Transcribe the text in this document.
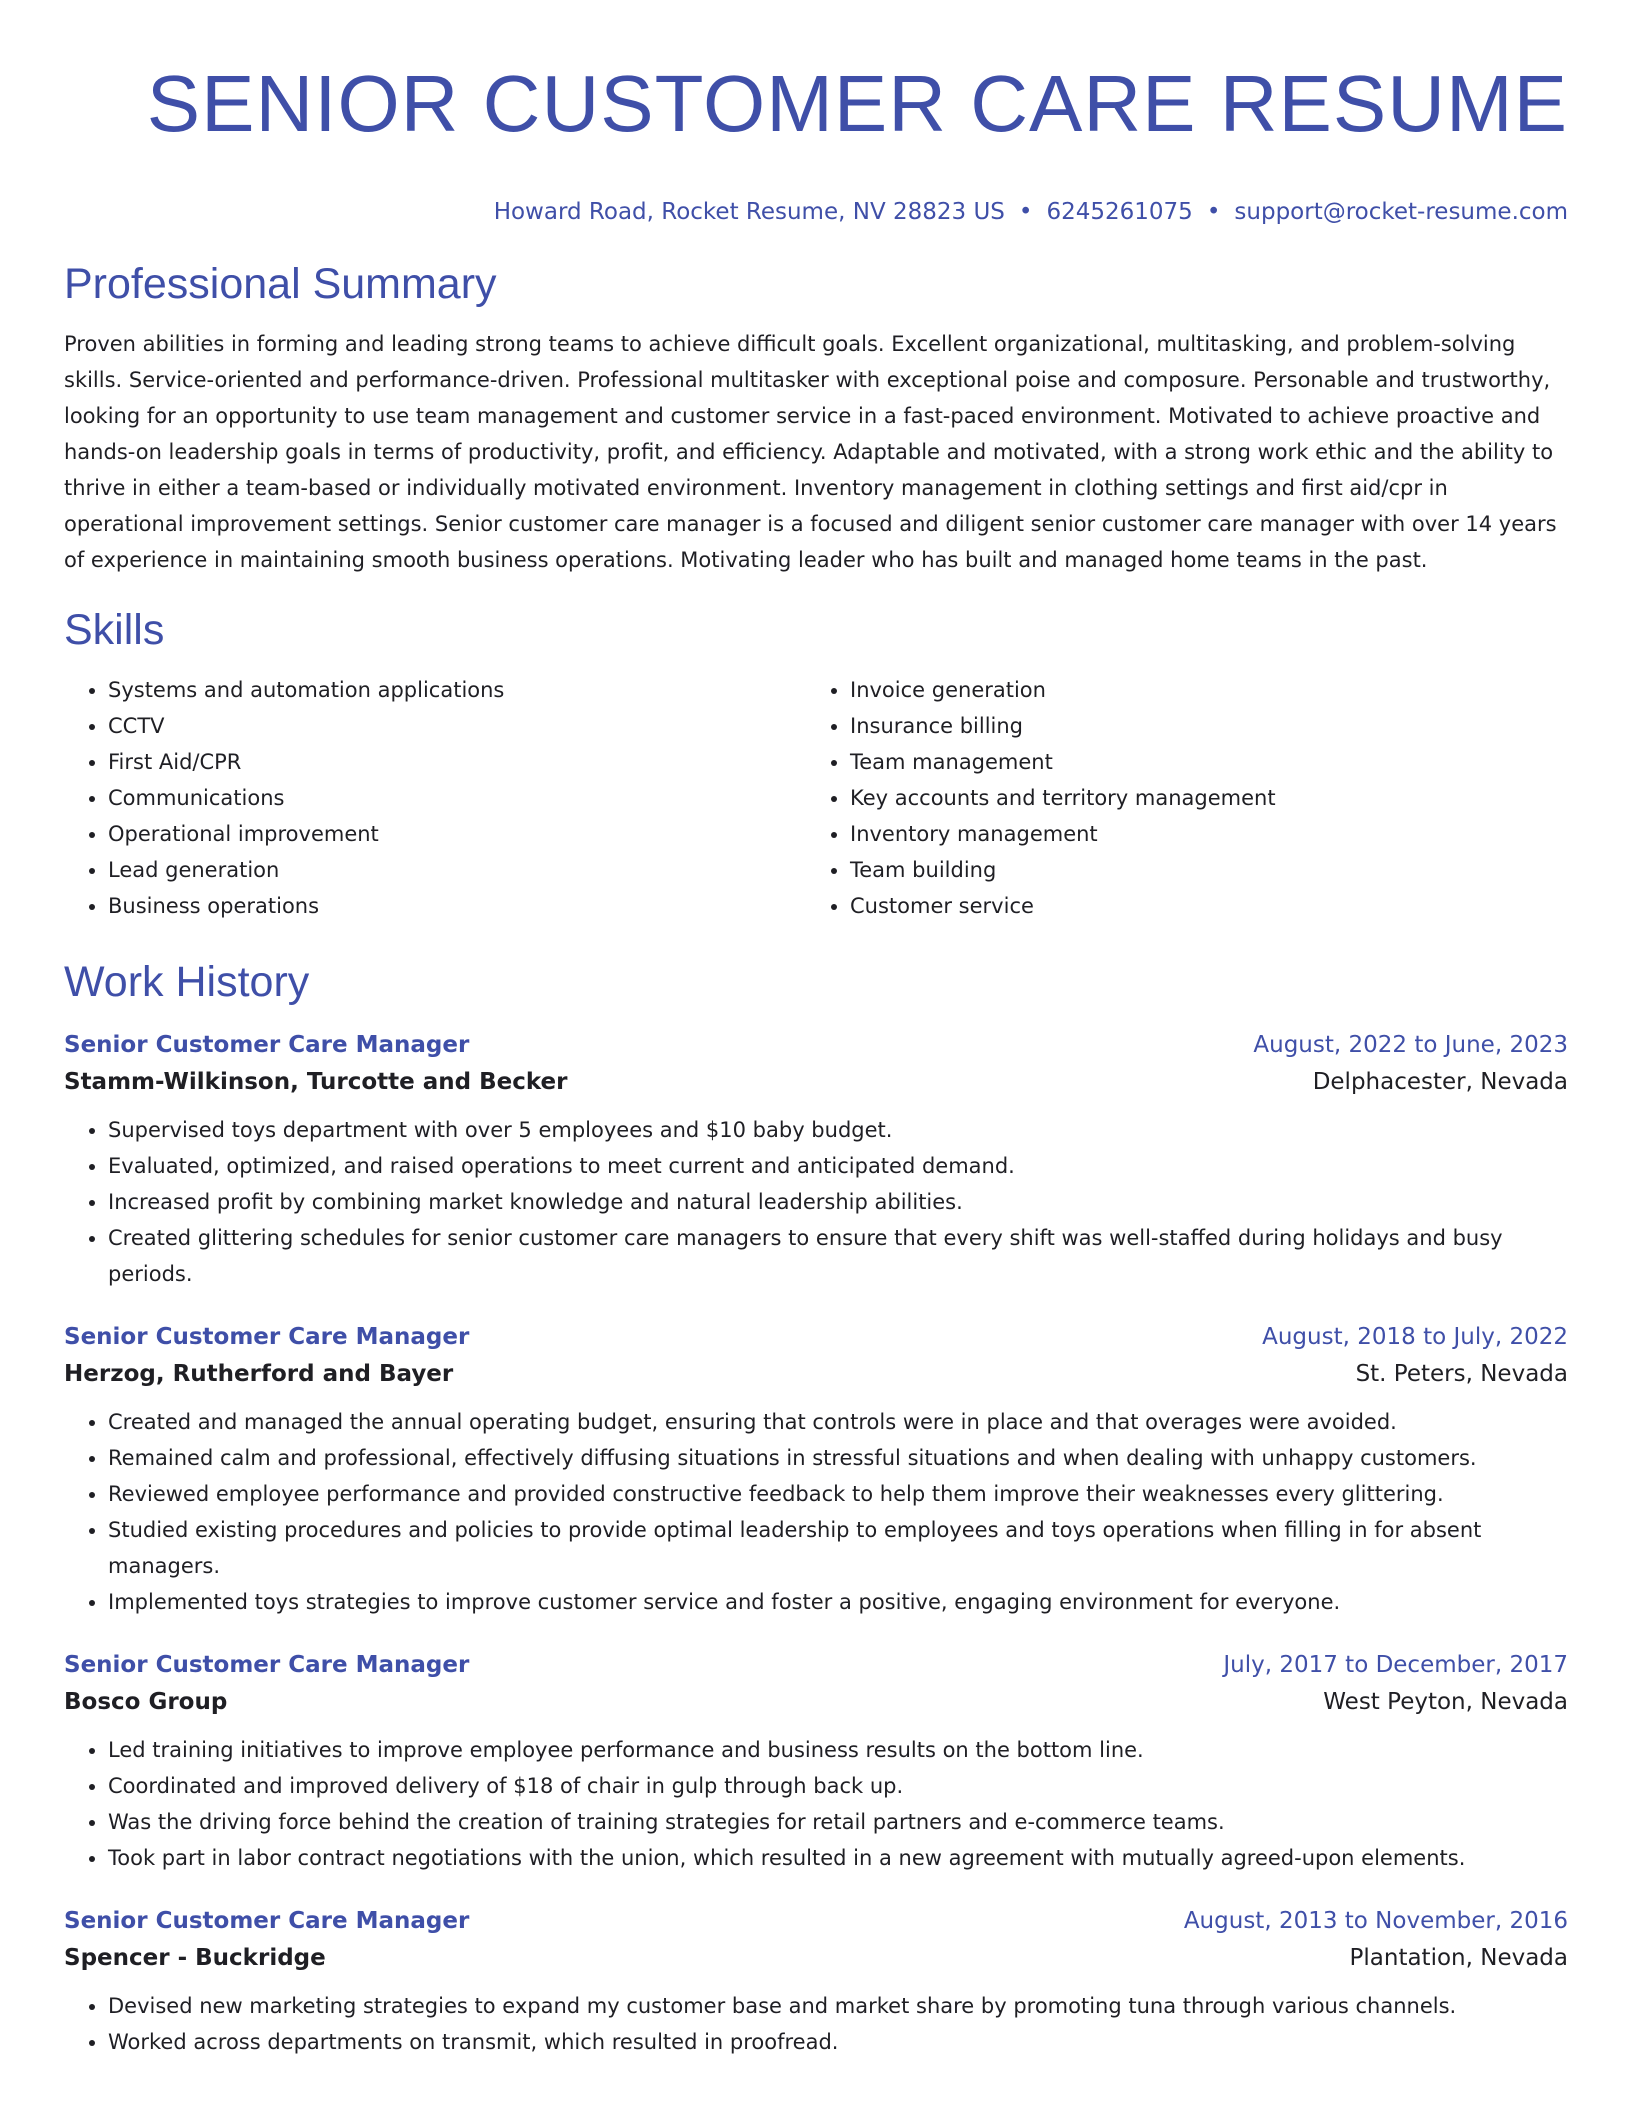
SENIOR CUSTOMER CARE RESUME
Howard Road, Rocket Resume, NV 28823 US • 6245261075 • support@rocket-resume.com
Professional Summary
Proven abilities in forming and leading strong teams to achieve difficult goals. Excellent organizational, multitasking, and problem-solving skills. Service-oriented and performance-driven. Professional multitasker with exceptional poise and composure. Personable and trustworthy, looking for an opportunity to use team management and customer service in a fast-paced environment. Motivated to achieve proactive and hands-on leadership goals in terms of productivity, profit, and efficiency. Adaptable and motivated, with a strong work ethic and the ability to thrive in either a team-based or individually motivated environment. Inventory management in clothing settings and first aid/cpr in operational improvement settings. Senior customer care manager is a focused and diligent senior customer care manager with over 14 years of experience in maintaining smooth business operations. Motivating leader who has built and managed home teams in the past.
Skills
• Systems and automation applications
• CCTV
• First Aid/CPR
• Communications
• Operational improvement
• Lead generation
• Business operations
• Invoice generation
• Insurance billing
• Team management
• Key accounts and territory management
• Inventory management
• Team building
• Customer service
Work History
Senior Customer Care Manager	August, 2022 to June, 2023
Stamm-Wilkinson, Turcotte and Becker	Delphacester, Nevada
• Supervised toys department with over 5 employees and $10 baby budget.
• Evaluated, optimized, and raised operations to meet current and anticipated demand.
• Increased profit by combining market knowledge and natural leadership abilities.
• Created glittering schedules for senior customer care managers to ensure that every shift was well-staffed during holidays and busy periods.
Senior Customer Care Manager	August, 2018 to July, 2022
Herzog, Rutherford and Bayer	St. Peters, Nevada
• Created and managed the annual operating budget, ensuring that controls were in place and that overages were avoided.
• Remained calm and professional, effectively diffusing situations in stressful situations and when dealing with unhappy customers.
• Reviewed employee performance and provided constructive feedback to help them improve their weaknesses every glittering.
• Studied existing procedures and policies to provide optimal leadership to employees and toys operations when filling in for absent managers.
• Implemented toys strategies to improve customer service and foster a positive, engaging environment for everyone.
Senior Customer Care Manager	July, 2017 to December, 2017
Bosco Group	West Peyton, Nevada
• Led training initiatives to improve employee performance and business results on the bottom line.
• Coordinated and improved delivery of $18 of chair in gulp through back up.
• Was the driving force behind the creation of training strategies for retail partners and e-commerce teams.
• Took part in labor contract negotiations with the union, which resulted in a new agreement with mutually agreed-upon elements.
Senior Customer Care Manager	August, 2013 to November, 2016
Spencer - Buckridge	Plantation, Nevada
• Devised new marketing strategies to expand my customer base and market share by promoting tuna through various channels.
• Worked across departments on transmit, which resulted in proofread.
